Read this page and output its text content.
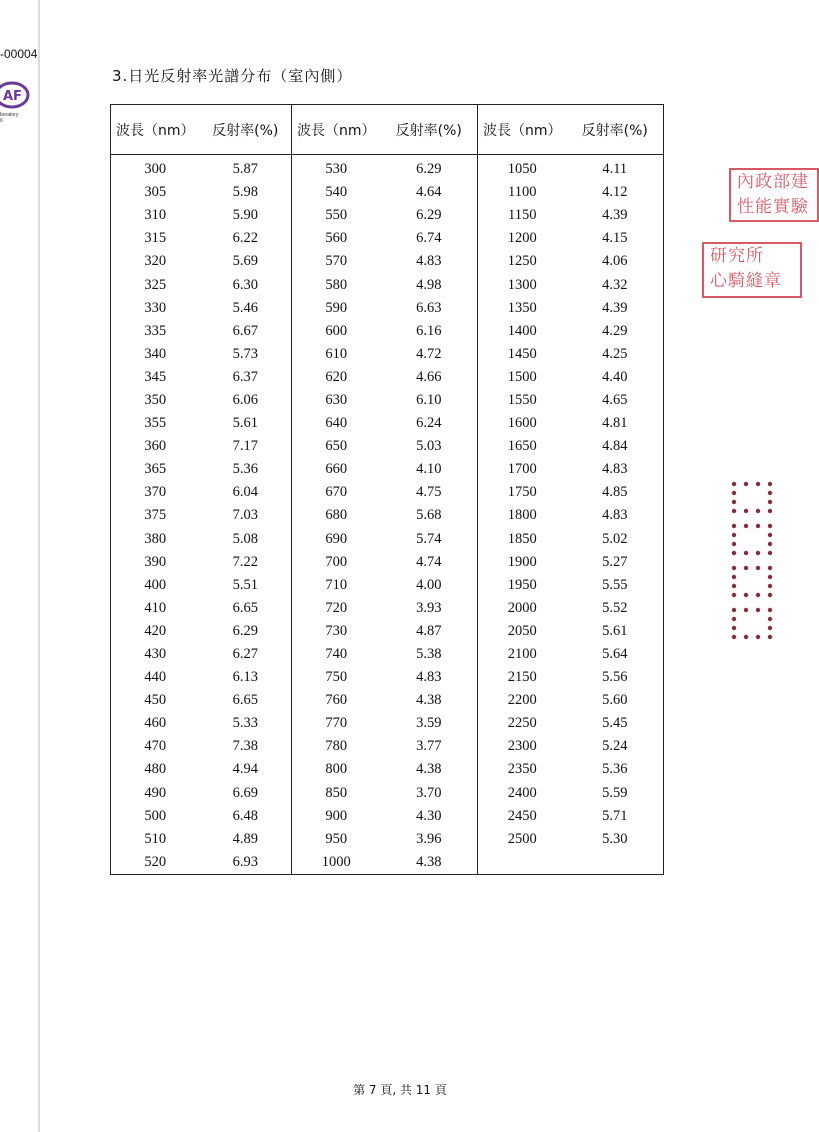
-00004
AF
boratory
6
3.日光反射率光譜分布（室內側）
波長（nm）	反射率(%)	波長（nm）	反射率(%)	波長（nm）	反射率(%)
300	5.87	530	6.29	1050	4.11
305	5.98	540	4.64	1100	4.12
310	5.90	550	6.29	1150	4.39
315	6.22	560	6.74	1200	4.15
320	5.69	570	4.83	1250	4.06
325	6.30	580	4.98	1300	4.32
330	5.46	590	6.63	1350	4.39
335	6.67	600	6.16	1400	4.29
340	5.73	610	4.72	1450	4.25
345	6.37	620	4.66	1500	4.40
350	6.06	630	6.10	1550	4.65
355	5.61	640	6.24	1600	4.81
360	7.17	650	5.03	1650	4.84
365	5.36	660	4.10	1700	4.83
370	6.04	670	4.75	1750	4.85
375	7.03	680	5.68	1800	4.83
380	5.08	690	5.74	1850	5.02
390	7.22	700	4.74	1900	5.27
400	5.51	710	4.00	1950	5.55
410	6.65	720	3.93	2000	5.52
420	6.29	730	4.87	2050	5.61
430	6.27	740	5.38	2100	5.64
440	6.13	750	4.83	2150	5.56
450	6.65	760	4.38	2200	5.60
460	5.33	770	3.59	2250	5.45
470	7.38	780	3.77	2300	5.24
480	4.94	800	4.38	2350	5.36
490	6.69	850	3.70	2400	5.59
500	6.48	900	4.30	2450	5.71
510	4.89	950	3.96	2500	5.30
520	6.93	1000	4.38		
內政部建
性能實驗
研究所
心騎縫章
第 7 頁, 共 11 頁
